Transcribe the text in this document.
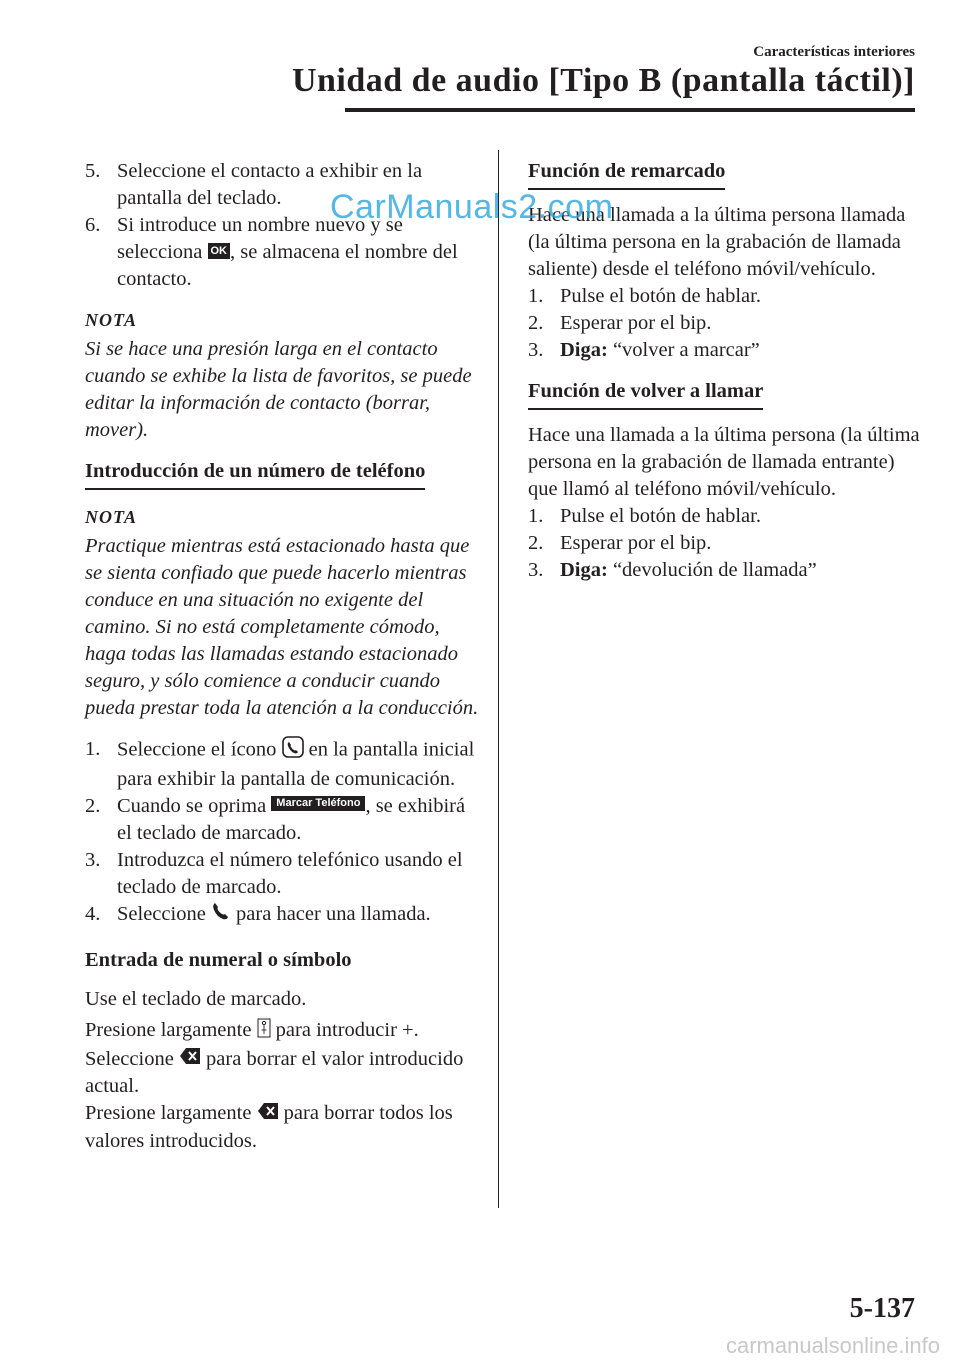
Características interiores
Unidad de audio [Tipo B (pantalla táctil)]
5. Seleccione el contacto a exhibir en la pantalla del teclado.
6. Si introduce un nombre nuevo y se selecciona OK , se almacena el nombre del contacto.
NOTA

Si se hace una presión larga en el contacto cuando se exhibe la lista de favoritos, se puede editar la información de contacto (borrar, mover).

Introducción de un número de teléfono
NOTA

Practique mientras está estacionado hasta que se sienta confiado que puede hacerlo mientras conduce en una situación no exigente del camino. Si no está completamente cómodo, haga todas las llamadas estando estacionado seguro, y sólo comience a conducir cuando pueda prestar toda la atención a la conducción.

1. Seleccione el ícono  en la pantalla inicial para exhibir la pantalla de comunicación.
2. Cuando se oprima Marcar Teléfono , se exhibirá el teclado de marcado.
3. Introduzca el número telefónico usando el teclado de marcado.
4. Seleccione  para hacer una llamada.
Entrada de numeral o símbolo

Use el teclado de marcado.

Presione largamente  para introducir +.

Seleccione  para borrar el valor introducido actual.

Presione largamente  para borrar todos los valores introducidos.

Función de remarcado

Hace una llamada a la última persona llamada (la última persona en la grabación de llamada saliente) desde el teléfono móvil/vehículo.

1. Pulse el botón de hablar.
2. Esperar por el bip.
3. Diga: “volver a marcar”
Función de volver a llamar

Hace una llamada a la última persona (la última persona en la grabación de llamada entrante) que llamó al teléfono móvil/vehículo.

1. Pulse el botón de hablar.
2. Esperar por el bip.
3. Diga: “devolución de llamada”
CarManuals2.com
5-137
carmanualsonline.info
